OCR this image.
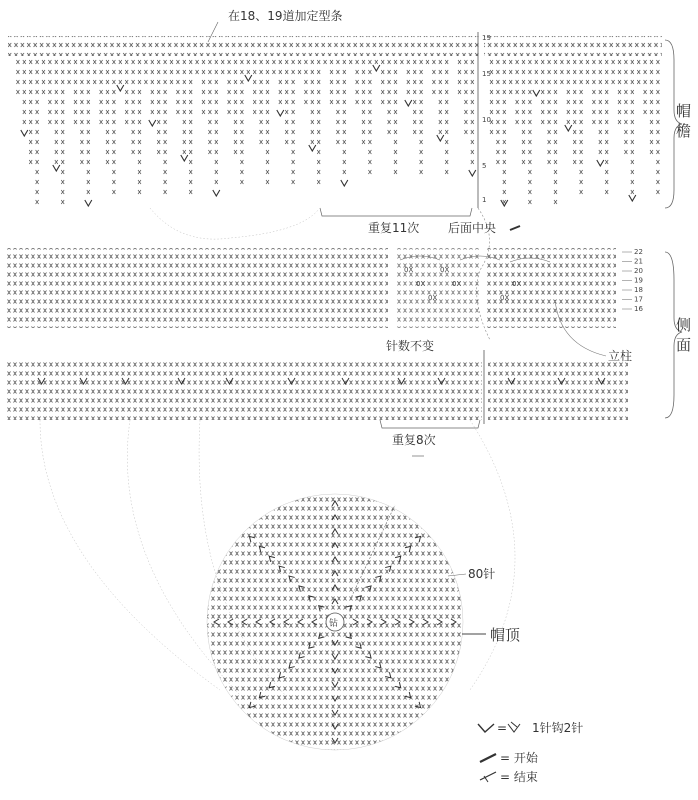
19
15
10
5
1
在18、19道加定型条
重复11次 后面中央
帽
檐
0X	0X
0X	0X	0X
0X	0X
22
21
20
19
18
17
16
针数不变
立柱
重复8次
侧
面
钻
80针
帽顶
= 1针钩2针
= 开始
= 结束
